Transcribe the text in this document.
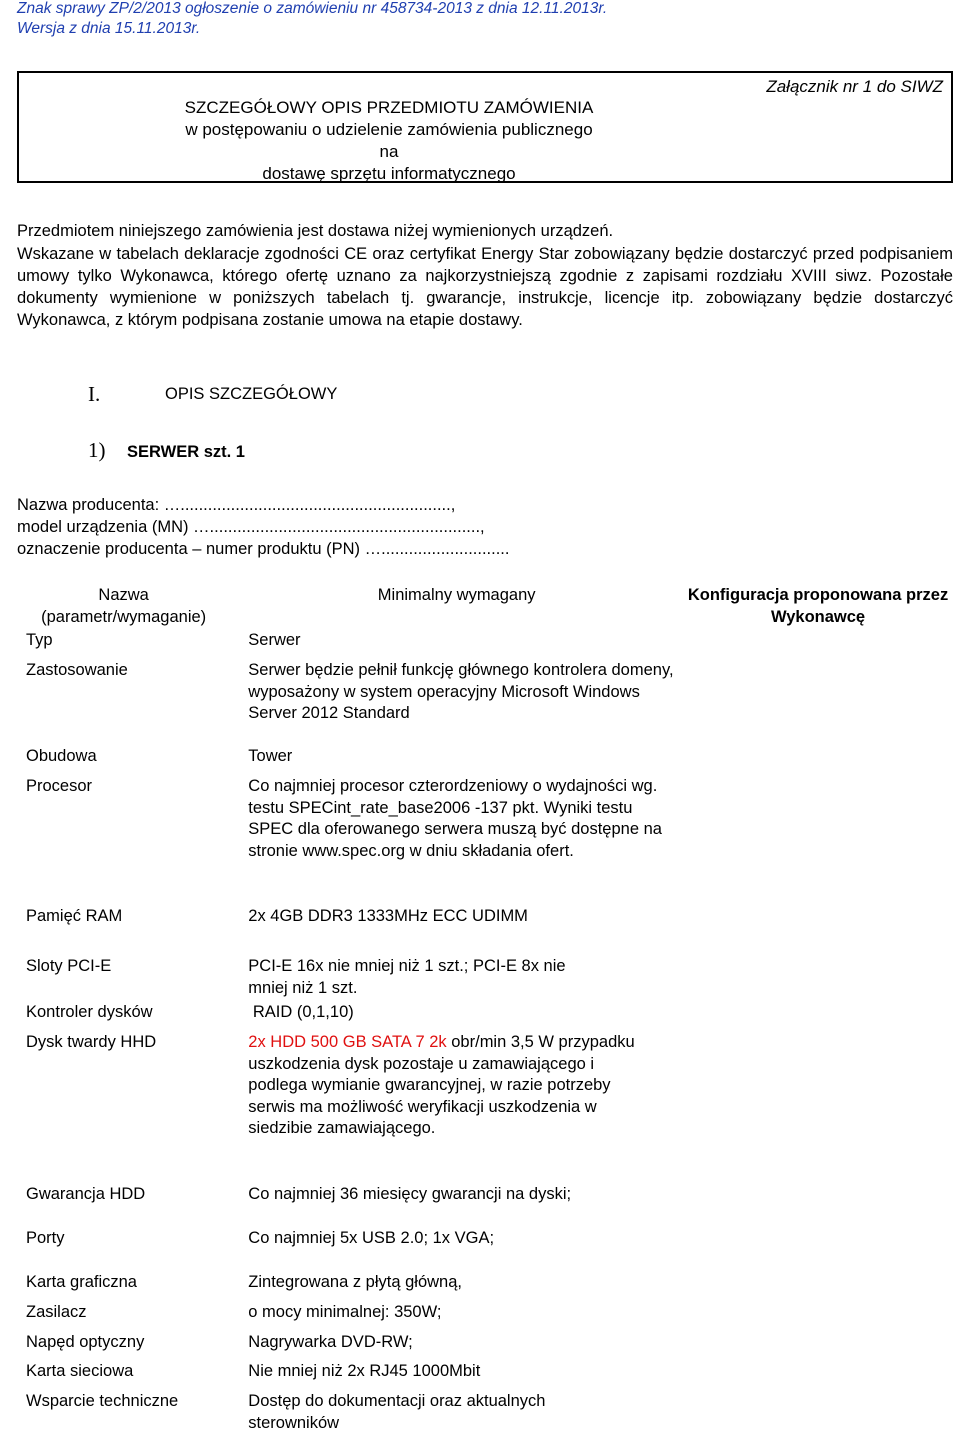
Znak sprawy ZP/2/2013 ogłoszenie o zamówieniu nr 458734-2013 z dnia 12.11.2013r.
Wersja z dnia 15.11.2013r.
Załącznik nr 1 do SIWZ
SZCZEGÓŁOWY OPIS PRZEDMIOTU ZAMÓWIENIA
w postępowaniu o udzielenie zamówienia publicznego
na
dostawę sprzętu informatycznego
Przedmiotem niniejszego zamówienia jest dostawa niżej wymienionych urządzeń.
Wskazane w tabelach deklaracje zgodności CE oraz certyfikat Energy Star zobowiązany będzie dostarczyć przed podpisaniem umowy tylko Wykonawca, którego ofertę uznano za najkorzystniejszą zgodnie z zapisami rozdziału XVIII siwz. Pozostałe dokumenty wymienione w poniższych tabelach tj. gwarancje, instrukcje, licencje itp. zobowiązany będzie dostarczyć Wykonawca, z którym podpisana zostanie umowa na etapie dostawy.
I.	OPIS SZCZEGÓŁOWY
1) SERWER szt. 1
Nazwa producenta: …...........................................................,
model urządzenia (MN) …...........................................................,
oznaczenie producenta – numer produktu (PN) …............................
Nazwa (parametr/wymaganie)	Minimalny wymagany	Konfiguracja proponowana przez Wykonawcę
Typ	Serwer	
Zastosowanie	Serwer będzie pełnił funkcję głównego kontrolera domeny, wyposażony w system operacyjny Microsoft Windows Server 2012 Standard	
Obudowa	Tower	
Procesor	Co najmniej procesor czterordzeniowy o wydajności wg. testu SPECint_rate_base2006 -137 pkt. Wyniki testu SPEC dla oferowanego serwera muszą być dostępne na stronie www.spec.org w dniu składania ofert.	
Pamięć RAM	2x 4GB DDR3 1333MHz ECC UDIMM	
Sloty PCI-E	PCI-E 16x nie mniej niż 1 szt.; PCI-E 8x nie mniej niż 1 szt.	
Kontroler dysków	RAID (0,1,10)	
Dysk twardy HHD	2x HDD 500 GB SATA 7 2k obr/min 3,5 W przypadku uszkodzenia dysk pozostaje u zamawiającego i podlega wymianie gwarancyjnej, w razie potrzeby serwis ma możliwość weryfikacji uszkodzenia w siedzibie zamawiającego.	
Gwarancja HDD	Co najmniej 36 miesięcy gwarancji na dyski;	
Porty	Co najmniej 5x USB 2.0; 1x VGA;	
Karta graficzna	Zintegrowana z płytą główną,	
Zasilacz	o mocy minimalnej: 350W;	
Napęd optyczny	Nagrywarka DVD-RW;	
Karta sieciowa	Nie mniej niż 2x RJ45 1000Mbit	
Wsparcie techniczne	Dostęp do dokumentacji oraz aktualnych sterowników	
